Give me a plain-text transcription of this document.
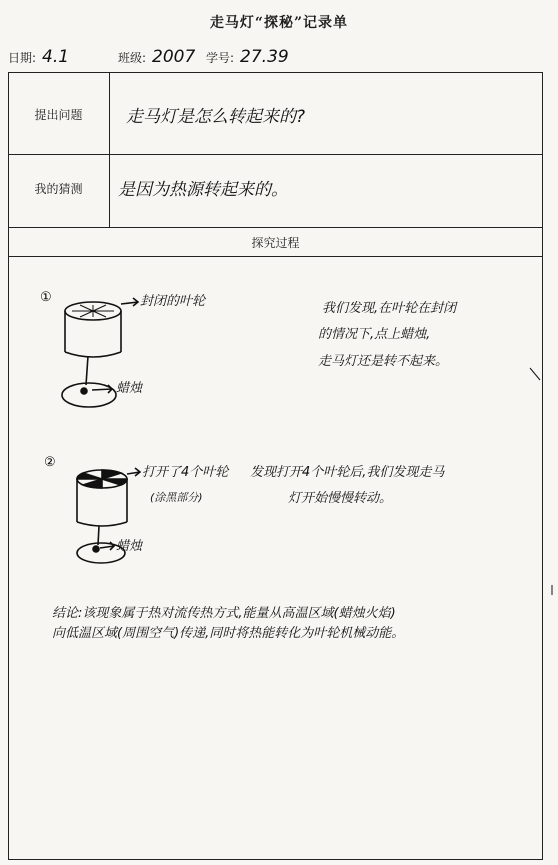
走马灯“探秘”记录单
日期: 4.1	班级: 2007 学号: 27.39
提出问题	走马灯是怎么转起来的?
我的猜测	是因为热源转起来的。
探究过程
①
②
封闭的叶轮
蜡烛
我们发现,在叶轮在封闭
的情况下,点上蜡烛,
走马灯还是转不起来。
打开了4个叶轮
(涂黑部分)
蜡烛
发现打开4个叶轮后,我们发现走马
灯开始慢慢转动。
结论:该现象属于热对流传热方式,能量从高温区域(蜡烛火焰)
向低温区域(周围空气)传递,同时将热能转化为叶轮机械动能。
